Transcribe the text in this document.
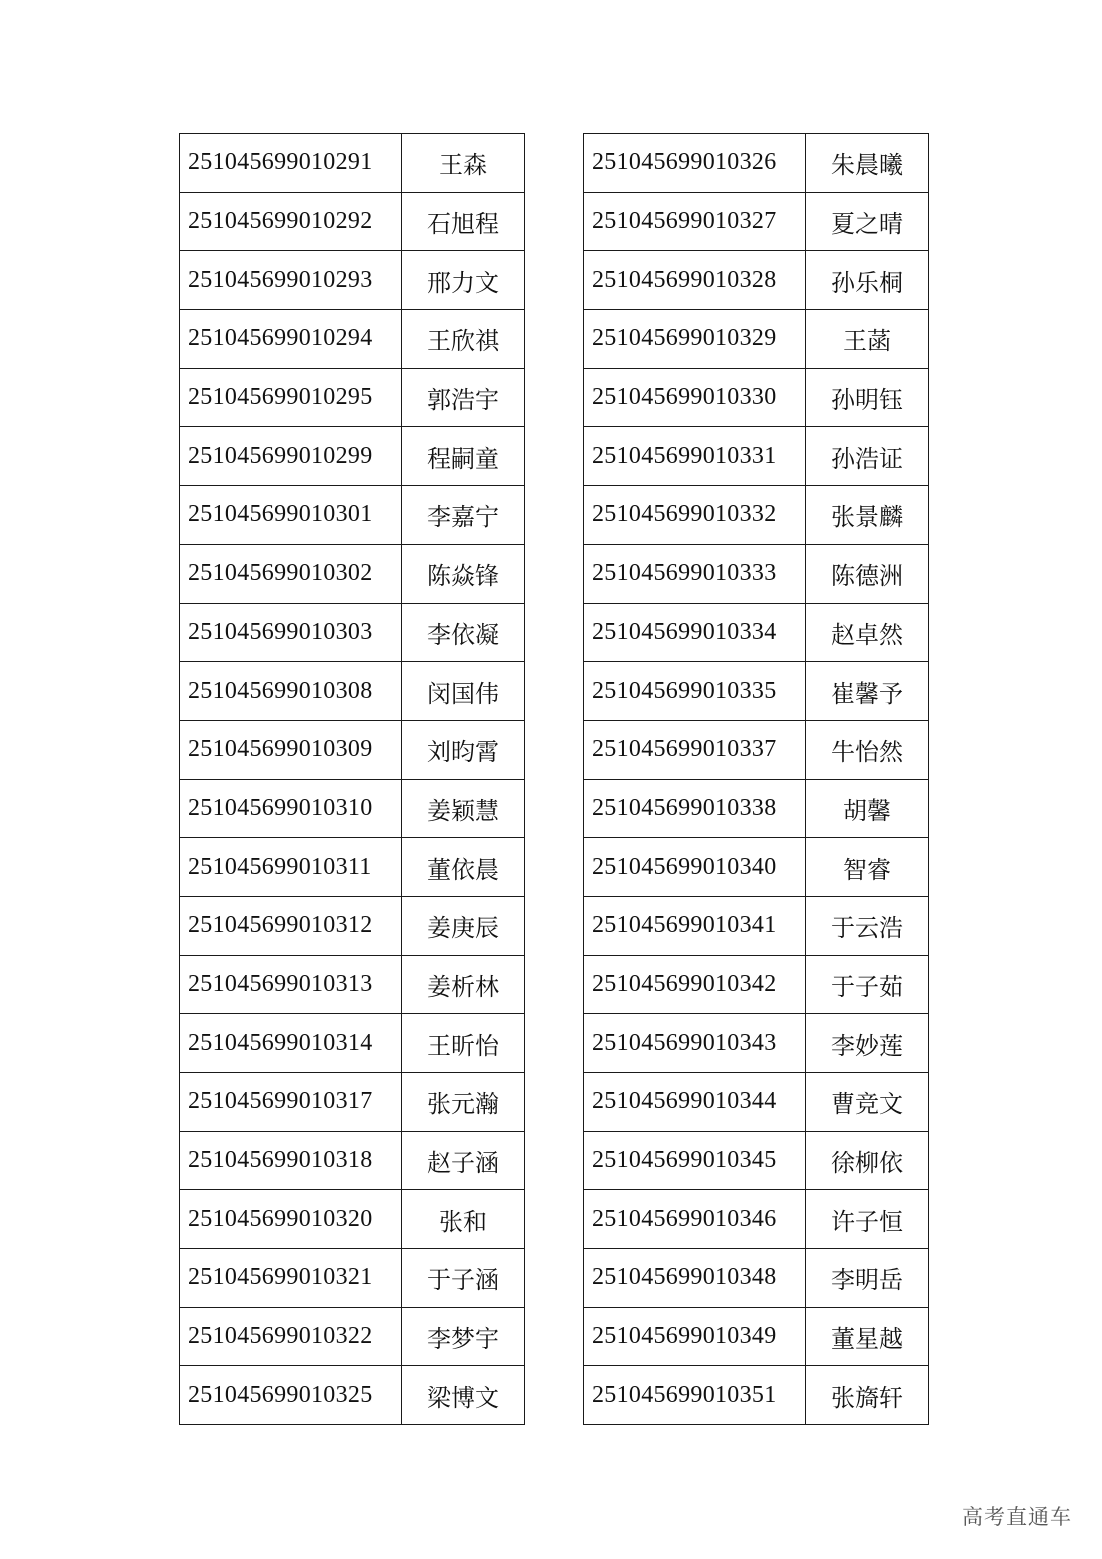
251045699010291	王森
251045699010292	石旭程
251045699010293	邢力文
251045699010294	王欣祺
251045699010295	郭浩宇
251045699010299	程嗣童
251045699010301	李嘉宁
251045699010302	陈焱锋
251045699010303	李依凝
251045699010308	闵国伟
251045699010309	刘昀霄
251045699010310	姜颖慧
251045699010311	董依晨
251045699010312	姜庚辰
251045699010313	姜析林
251045699010314	王昕怡
251045699010317	张元瀚
251045699010318	赵子涵
251045699010320	张和
251045699010321	于子涵
251045699010322	李梦宇
251045699010325	梁博文
251045699010326	朱晨曦
251045699010327	夏之晴
251045699010328	孙乐桐
251045699010329	王菡
251045699010330	孙明钰
251045699010331	孙浩证
251045699010332	张景麟
251045699010333	陈德洲
251045699010334	赵卓然
251045699010335	崔馨予
251045699010337	牛怡然
251045699010338	胡馨
251045699010340	智睿
251045699010341	于云浩
251045699010342	于子茹
251045699010343	李妙莲
251045699010344	曹竞文
251045699010345	徐柳依
251045699010346	许子恒
251045699010348	李明岳
251045699010349	董星越
251045699010351	张旖轩
高考直通车
